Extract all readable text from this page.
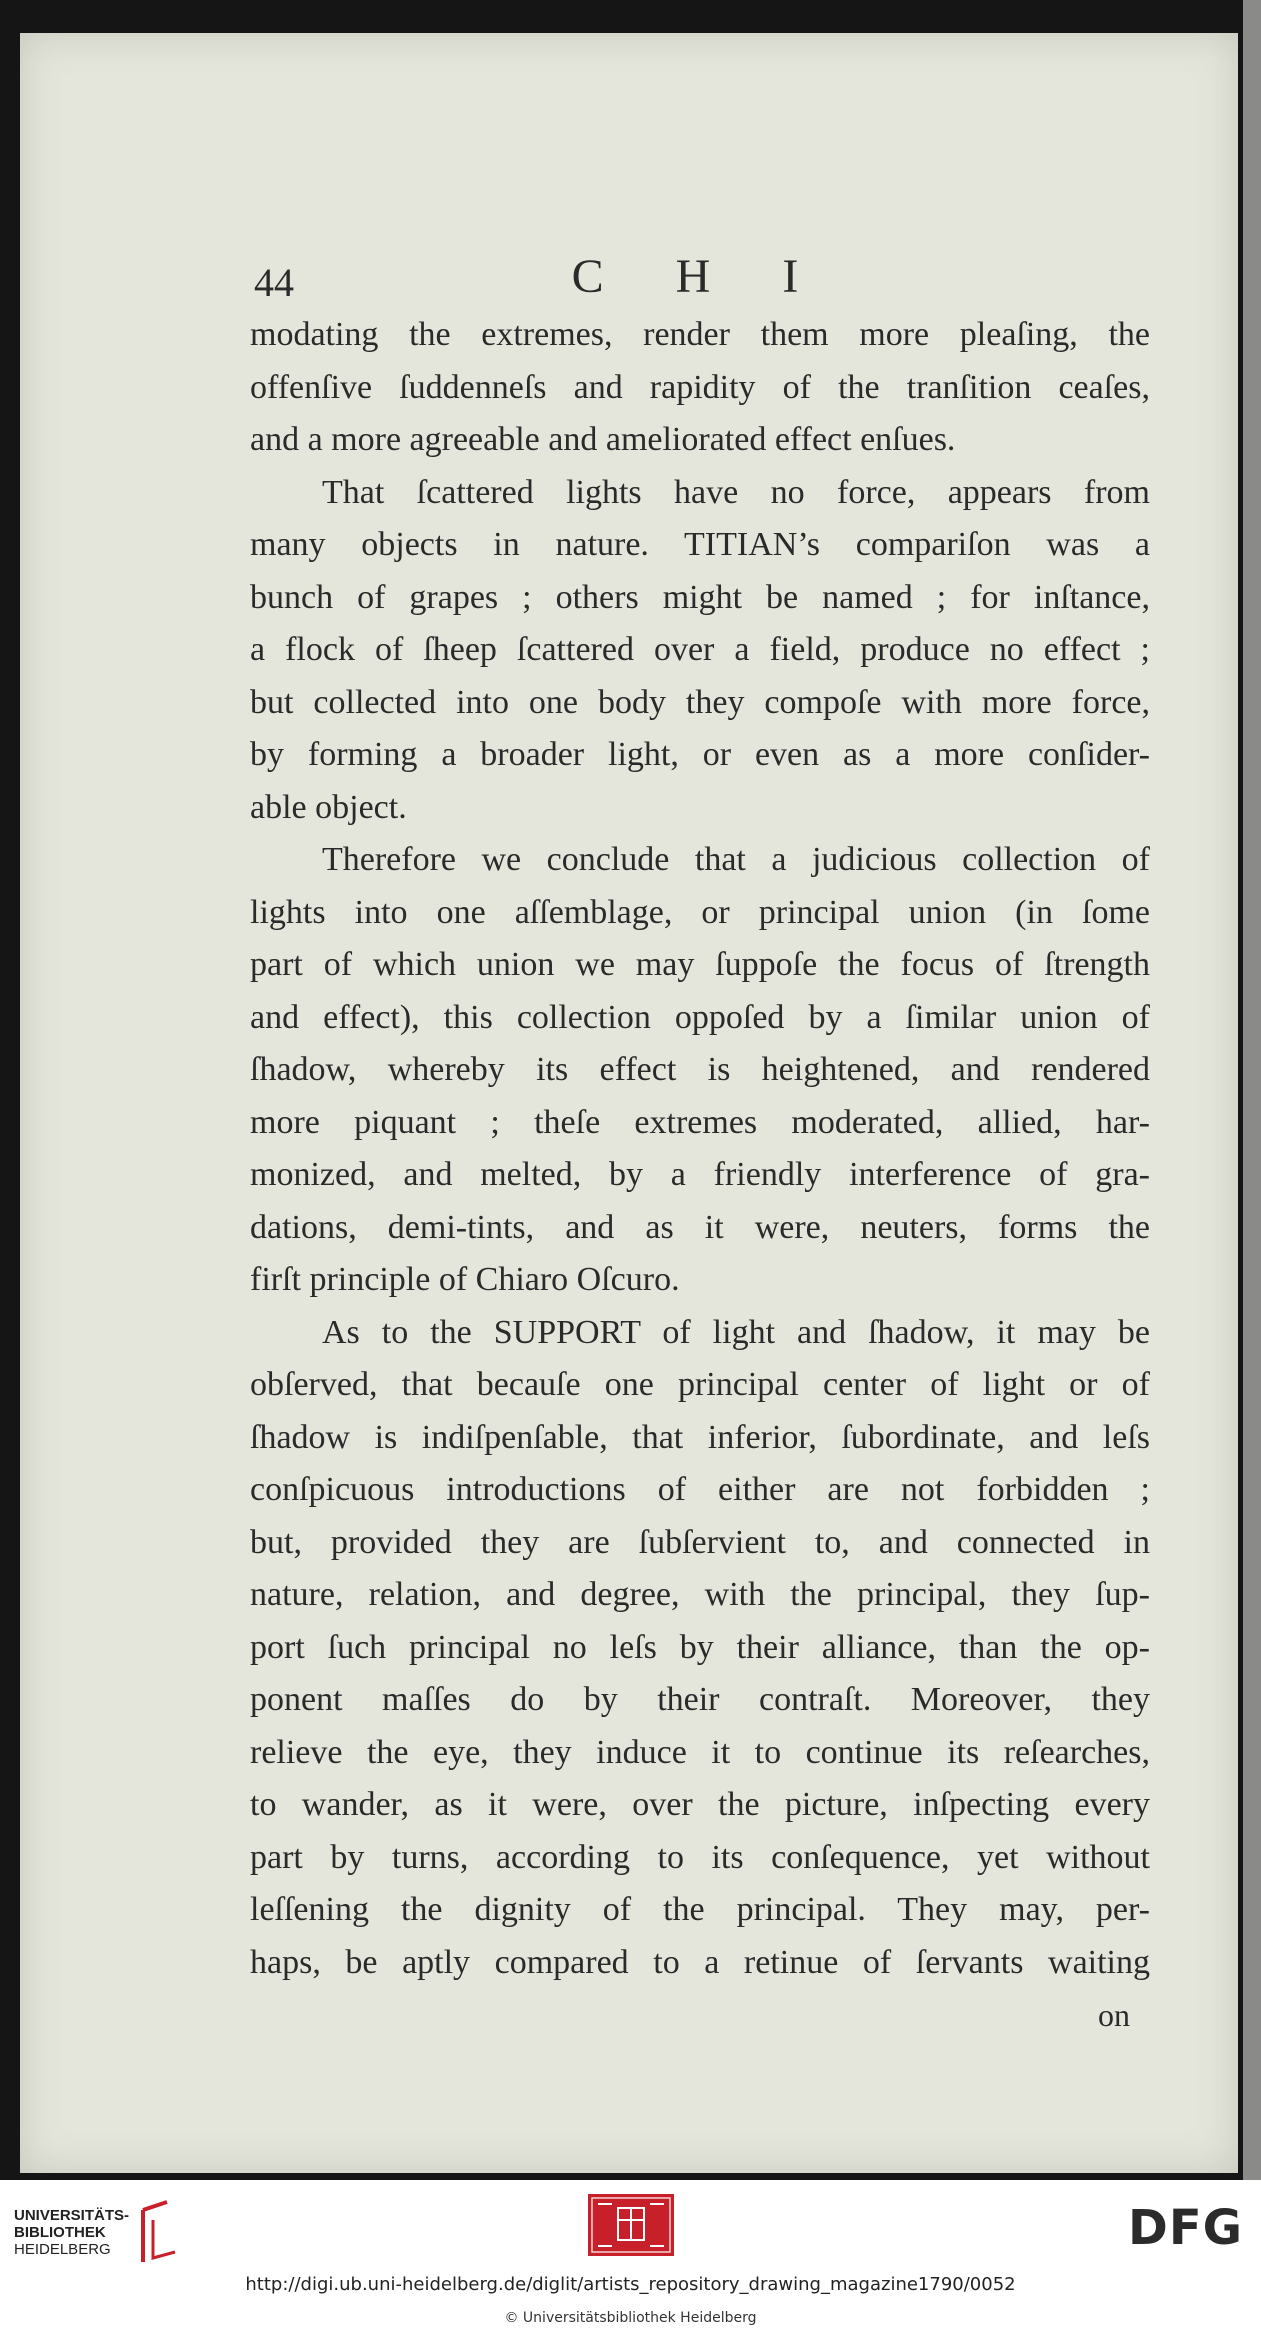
44	C H I
modating the extremes, render them more pleaſing, the
offenſive ſuddenneſs and rapidity of the tranſition ceaſes,
and a more agreeable and ameliorated effect enſues.
That ſcattered lights have no force, appears from
many objects in nature. TITIAN’s compariſon was a
bunch of grapes ; others might be named ; for inſtance,
a flock of ſheep ſcattered over a field, produce no effect ;
but collected into one body they compoſe with more force,
by forming a broader light, or even as a more conſider-
able object.
Therefore we conclude that a judicious collection of
lights into one aſſemblage, or principal union (in ſome
part of which union we may ſuppoſe the focus of ſtrength
and effect), this collection oppoſed by a ſimilar union of
ſhadow, whereby its effect is heightened, and rendered
more piquant ; theſe extremes moderated, allied, har-
monized, and melted, by a friendly interference of gra-
dations, demi-tints, and as it were, neuters, forms the
firſt principle of Chiaro Oſcuro.
As to the SUPPORT of light and ſhadow, it may be
obſerved, that becauſe one principal center of light or of
ſhadow is indiſpenſable, that inferior, ſubordinate, and leſs
conſpicuous introductions of either are not forbidden ;
but, provided they are ſubſervient to, and connected in
nature, relation, and degree, with the principal, they ſup-
port ſuch principal no leſs by their alliance, than the op-
ponent maſſes do by their contraſt. Moreover, they
relieve the eye, they induce it to continue its reſearches,
to wander, as it were, over the picture, inſpecting every
part by turns, according to its conſequence, yet without
leſſening the dignity of the principal. They may, per-
haps, be aptly compared to a retinue of ſervants waiting
on
UNIVERSITÄTS-
BIBLIOTHEK
HEIDELBERG	DFG
http://digi.ub.uni-heidelberg.de/diglit/artists_repository_drawing_magazine1790/0052
© Universitätsbibliothek Heidelberg
